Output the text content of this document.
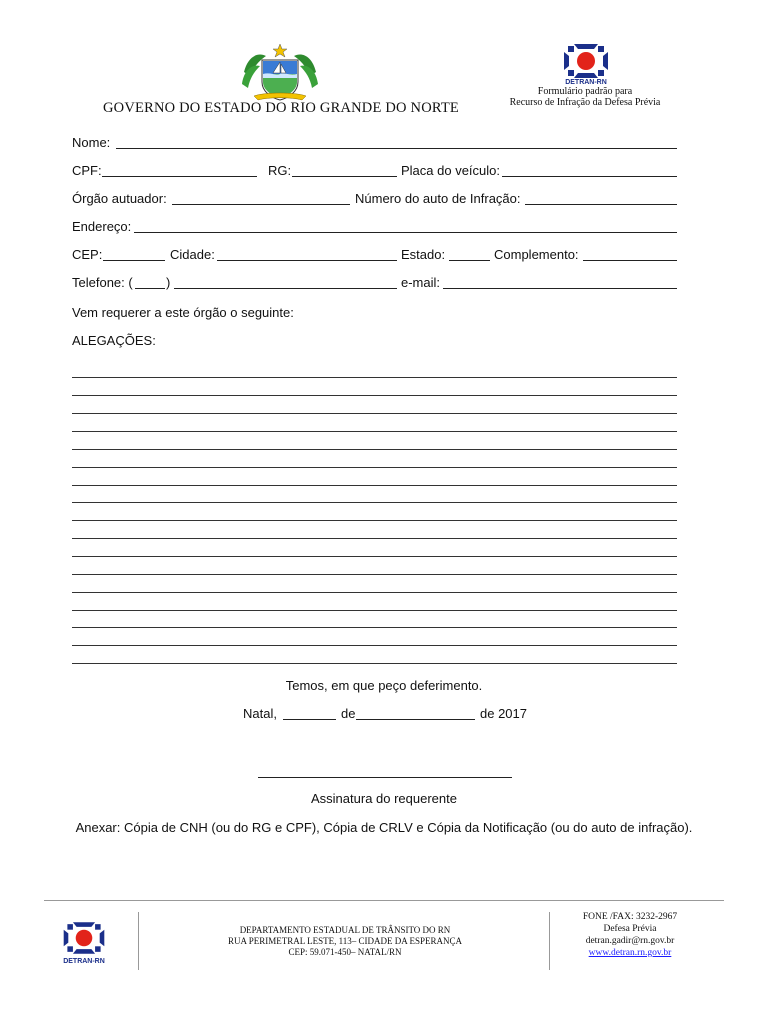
GOVERNO DO ESTADO DO RIO GRANDE DO NORTE
DETRAN-RN
Formulário padrão para
Recurso de Infração da Defesa Prévia
Nome:
CPF:	RG:	Placa do veículo:
Órgão autuador:	Número do auto de Infração:
Endereço:
CEP:	Cidade:	Estado:	Complemento:
Telefone: (	)	e-mail:
Vem requerer a este órgão o seguinte:
ALEGAÇÕES:
Temos, em que peço deferimento.
Natal,	de	de 2017
Assinatura do requerente
Anexar: Cópia de CNH (ou do RG e CPF), Cópia de CRLV e Cópia da Notificação (ou do auto de infração).
DETRAN-RN
DEPARTAMENTO ESTADUAL DE TRÂNSITO DO RN
RUA PERIMETRAL LESTE, 113– CIDADE DA ESPERANÇA
CEP: 59.071-450– NATAL/RN
FONE /FAX: 3232-2967
Defesa Prévia
detran.gadir@rn.gov.br
www.detran.rn.gov.br
